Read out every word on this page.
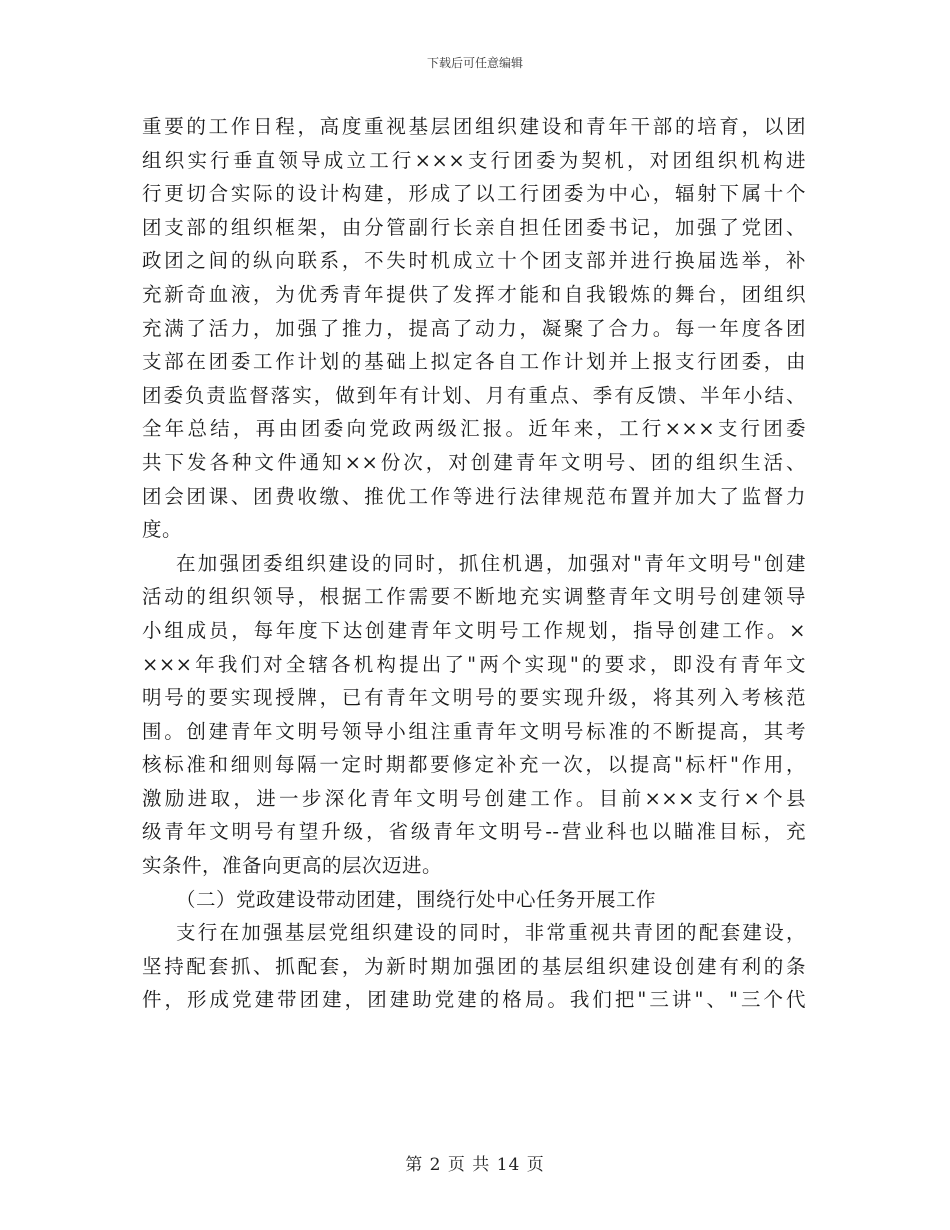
下载后可任意编辑
重要的工作日程，高度重视基层团组织建设和青年干部的培育，以团
组织实行垂直领导成立工行×××支行团委为契机，对团组织机构进
行更切合实际的设计构建，形成了以工行团委为中心，辐射下属十个
团支部的组织框架，由分管副行长亲自担任团委书记，加强了党团、
政团之间的纵向联系，不失时机成立十个团支部并进行换届选举，补
充新奇血液，为优秀青年提供了发挥才能和自我锻炼的舞台，团组织
充满了活力，加强了推力，提高了动力，凝聚了合力。每一年度各团
支部在团委工作计划的基础上拟定各自工作计划并上报支行团委，由
团委负责监督落实，做到年有计划、月有重点、季有反馈、半年小结、
全年总结，再由团委向党政两级汇报。近年来，工行×××支行团委
共下发各种文件通知××份次，对创建青年文明号、团的组织生活、
团会团课、团费收缴、推优工作等进行法律规范布置并加大了监督力
度。
在加强团委组织建设的同时，抓住机遇，加强对"青年文明号"创建
活动的组织领导，根据工作需要不断地充实调整青年文明号创建领导
小组成员，每年度下达创建青年文明号工作规划，指导创建工作。×
×××年我们对全辖各机构提出了"两个实现"的要求，即没有青年文
明号的要实现授牌，已有青年文明号的要实现升级，将其列入考核范
围。创建青年文明号领导小组注重青年文明号标准的不断提高，其考
核标准和细则每隔一定时期都要修定补充一次，以提高"标杆"作用，
激励进取，进一步深化青年文明号创建工作。目前×××支行×个县
级青年文明号有望升级，省级青年文明号--营业科也以瞄准目标，充
实条件，准备向更高的层次迈进。
（二）党政建设带动团建，围绕行处中心任务开展工作
支行在加强基层党组织建设的同时，非常重视共青团的配套建设，
坚持配套抓、抓配套，为新时期加强团的基层组织建设创建有利的条
件，形成党建带团建，团建助党建的格局。我们把"三讲"、"三个代
第 2 页 共 14 页
